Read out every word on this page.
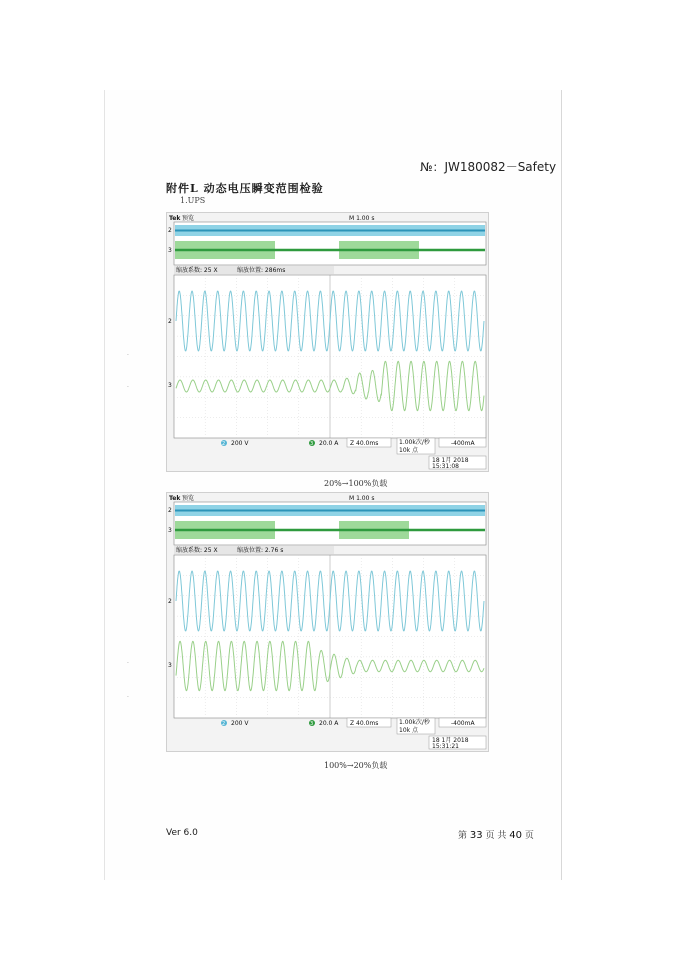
·
·
·
·
№：JW180082－Safety
附件L 动态电压瞬变范围检验
1.UPS
Tek 预览	M 1.00 s
2
3
缩放系数: 25 X	缩放位置: 286ms
2
3
2 200 V	3 20.0 A Z 40.0ms	1.00k次/秒
10k 点
-400mA
18 1月 2018
15:31:08
20%→100%负载
Tek 预览	M 1.00 s
2
3
缩放系数: 25 X	缩放位置: 2.76 s
2
3
2 200 V	3 20.0 A Z 40.0ms	1.00k次/秒
10k 点
-400mA
18 1月 2018
15:31:21
100%→20%负载
Ver 6.0	第 33 页 共 40 页
